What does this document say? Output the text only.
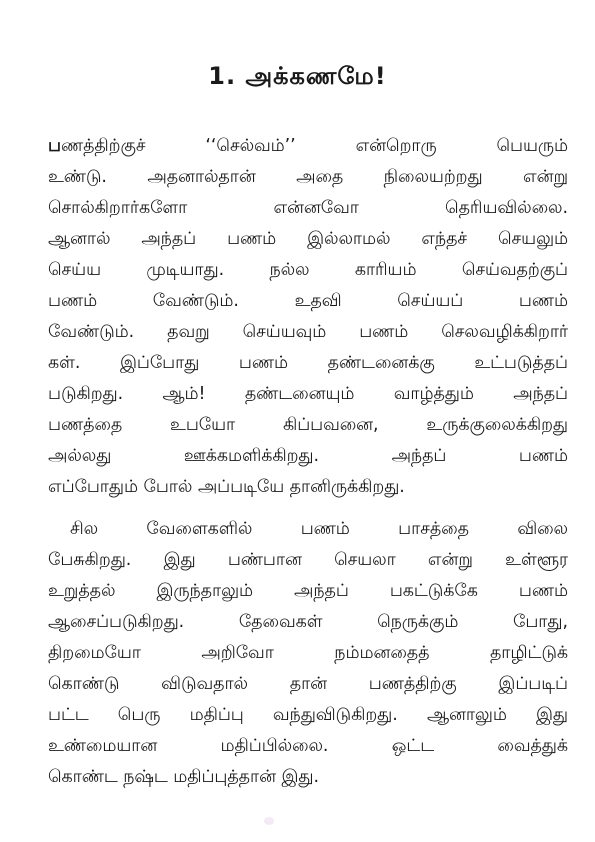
1. அக்கணமே!
பணத்திற்குச் ‘‘செல்வம்’’ என்றொரு பெயரும்
உண்டு. அதனால்தான் அதை நிலையற்றது என்று
சொல்கிறார்களோ என்னவோ தெரியவில்லை.
ஆனால் அந்தப் பணம் இல்லாமல் எந்தச் செயலும்
செய்ய முடியாது. நல்ல காரியம் செய்வதற்குப்
பணம் வேண்டும். உதவி செய்யப் பணம்
வேண்டும். தவறு செய்யவும் பணம் செலவழிக்கிறார்
கள். இப்போது பணம் தண்டனைக்கு உட்படுத்தப்
படுகிறது. ஆம்! தண்டனையும் வாழ்த்தும் அந்தப்
பணத்தை உபயோ கிப்பவனை, உருக்குலைக்கிறது
அல்லது ஊக்கமளிக்கிறது. அந்தப் பணம்
எப்போதும் போல் அப்படியே தானிருக்கிறது.
சில வேளைகளில் பணம் பாசத்தை விலை
பேசுகிறது. இது பண்பான செயலா என்று உள்ளூர
உறுத்தல் இருந்தாலும் அந்தப் பகட்டுக்கே பணம்
ஆசைப்படுகிறது. தேவைகள் நெருக்கும் போது,
திறமையோ அறிவோ நம்மனதைத் தாழிட்டுக்
கொண்டு விடுவதால் தான் பணத்திற்கு இப்படிப்
பட்ட பெரு மதிப்பு வந்துவிடுகிறது. ஆனாலும் இது
உண்மையான மதிப்பில்லை. ஒட்ட வைத்துக்
கொண்ட நஷ்ட மதிப்புத்தான் இது.
